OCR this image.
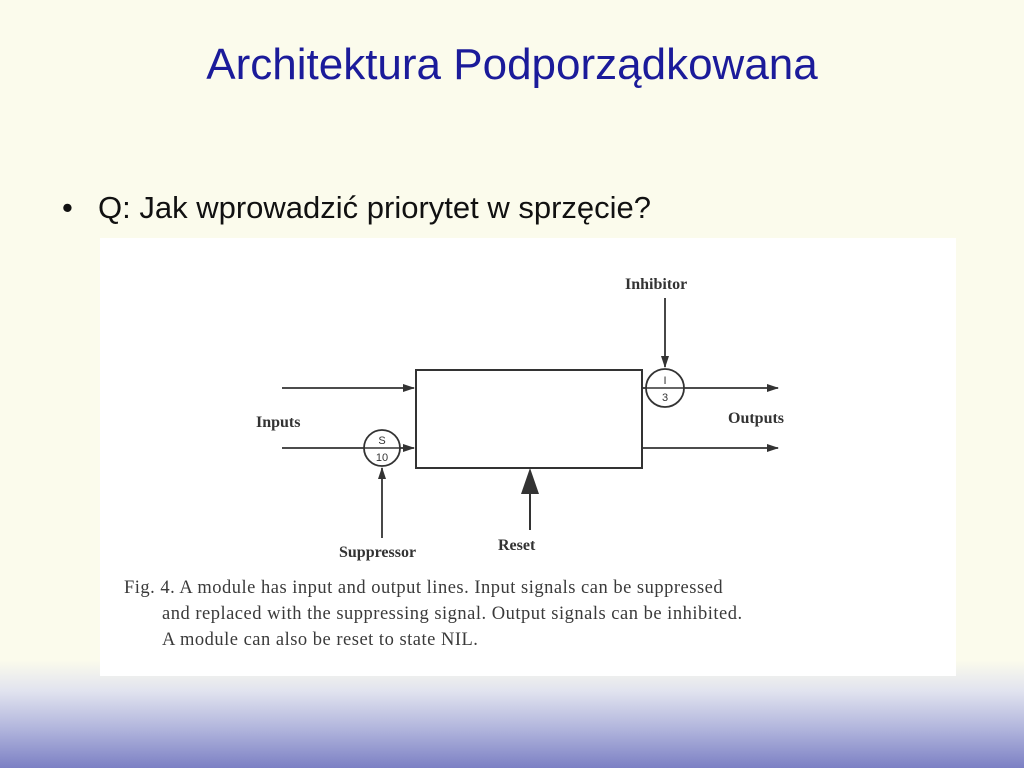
Architektura Podporządkowana
• Q: Jak wprowadzić priorytet w sprzęcie?
S
10
I
3
Inhibitor
Inputs	Outputs
Suppressor	Reset
Fig. 4. A module has input and output lines. Input signals can be suppressed
and replaced with the suppressing signal. Output signals can be inhibited.
A module can also be reset to state NIL.
